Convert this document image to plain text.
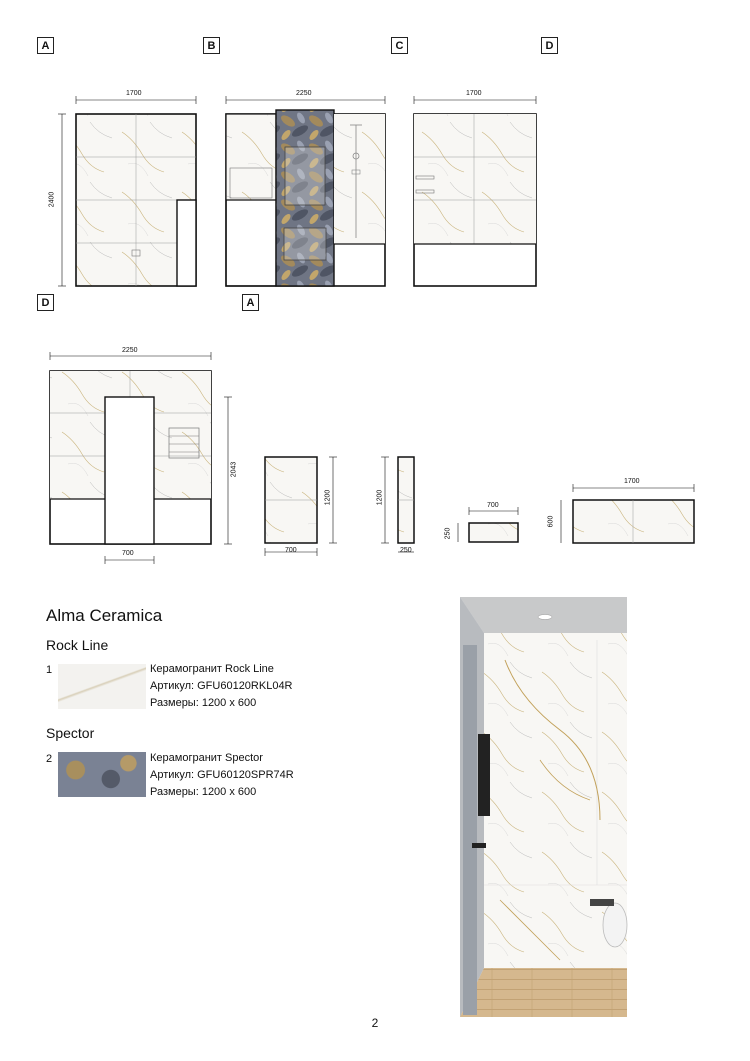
A	B	C	D
D	A
1700
2400
2250	1700
2250
2043
700	700
1200	1200
250
700
250
1700
600
Alma Ceramica
Rock Line
1	Керамогранит Rock Line
Артикул: GFU60120RKL04R
Размеры: 1200 x 600
Spector
2	Керамогранит Spector
Артикул: GFU60120SPR74R
Размеры: 1200 x 600
2
